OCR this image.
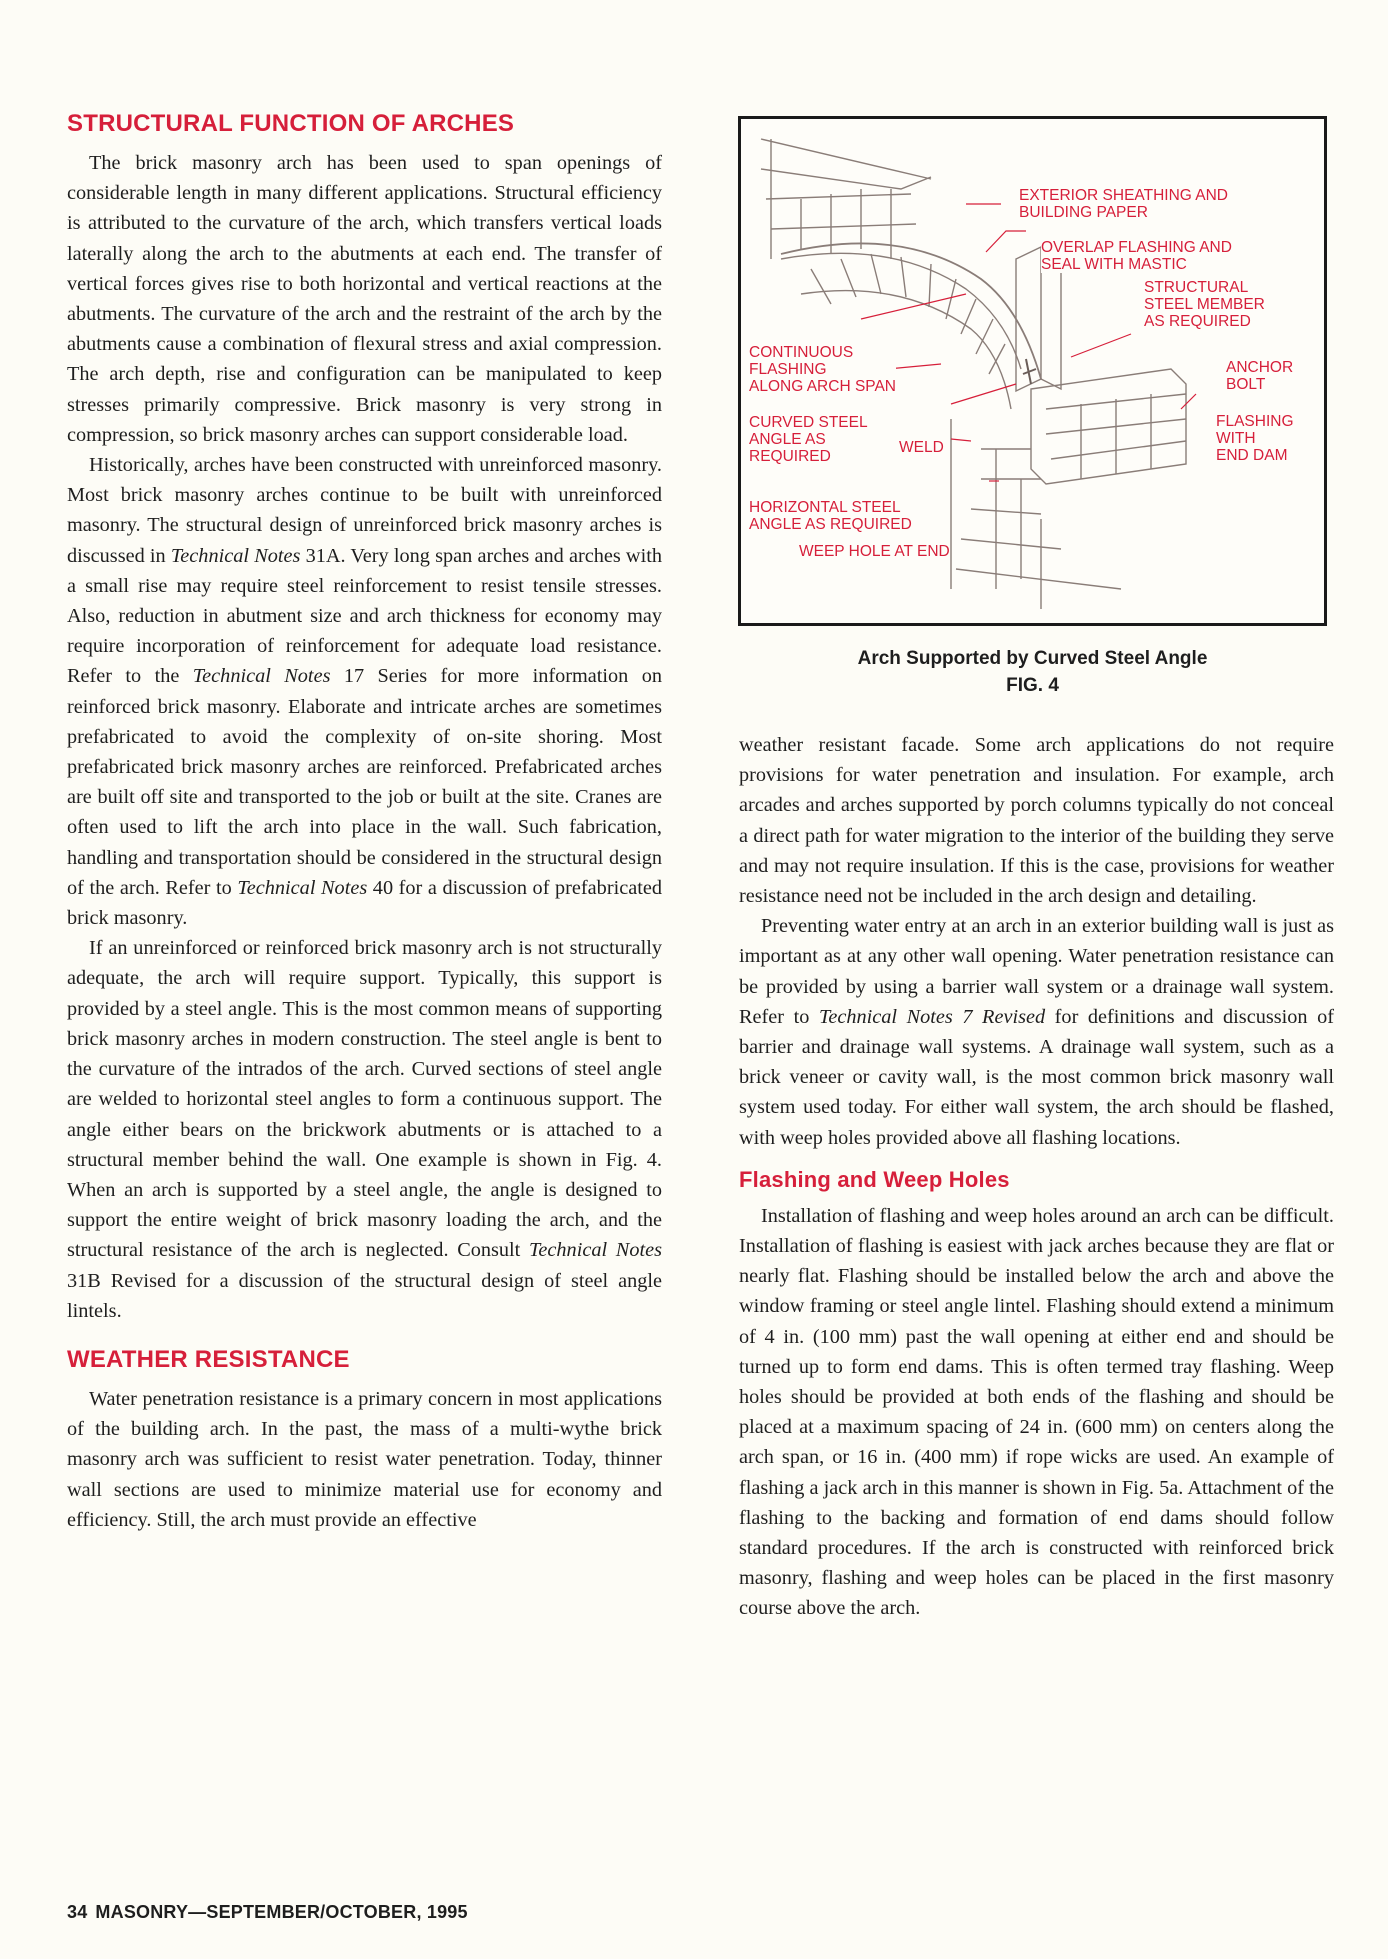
STRUCTURAL FUNCTION OF ARCHES

The brick masonry arch has been used to span openings of considerable length in many different applications. Structural efficiency is attributed to the curvature of the arch, which transfers vertical loads laterally along the arch to the abutments at each end. The transfer of vertical forces gives rise to both horizontal and vertical reactions at the abutments. The curvature of the arch and the restraint of the arch by the abutments cause a combination of flexural stress and axial compression. The arch depth, rise and configuration can be manipulated to keep stresses primarily compressive. Brick masonry is very strong in compression, so brick masonry arches can support considerable load.

Historically, arches have been constructed with unreinforced masonry. Most brick masonry arches continue to be built with unreinforced masonry. The structural design of unreinforced brick masonry arches is discussed in Technical Notes 31A. Very long span arches and arches with a small rise may require steel reinforcement to resist tensile stresses. Also, reduction in abutment size and arch thickness for economy may require incorporation of reinforcement for adequate load resistance. Refer to the Technical Notes 17 Series for more information on reinforced brick masonry. Elaborate and intricate arches are sometimes prefabricated to avoid the complexity of on-site shoring. Most prefabricated brick masonry arches are reinforced. Prefabricated arches are built off site and transported to the job or built at the site. Cranes are often used to lift the arch into place in the wall. Such fabrication, handling and transportation should be considered in the structural design of the arch. Refer to Technical Notes 40 for a discussion of prefabricated brick masonry.

If an unreinforced or reinforced brick masonry arch is not structurally adequate, the arch will require support. Typically, this support is provided by a steel angle. This is the most common means of supporting brick masonry arches in modern construction. The steel angle is bent to the curvature of the intrados of the arch. Curved sections of steel angle are welded to horizontal steel angles to form a continuous support. The angle either bears on the brickwork abutments or is attached to a structural member behind the wall. One example is shown in Fig. 4. When an arch is supported by a steel angle, the angle is designed to support the entire weight of brick masonry loading the arch, and the structural resistance of the arch is neglected. Consult Technical Notes 31B Revised for a discussion of the structural design of steel angle lintels.

WEATHER RESISTANCE

Water penetration resistance is a primary concern in most applications of the building arch. In the past, the mass of a multi-wythe brick masonry arch was sufficient to resist water penetration. Today, thinner wall sections are used to minimize material use for economy and efficiency. Still, the arch must provide an effective

EXTERIOR SHEATHING AND
BUILDING PAPER
OVERLAP FLASHING AND
SEAL WITH MASTIC
STRUCTURAL
STEEL MEMBER
AS REQUIRED
CONTINUOUS
FLASHING
ALONG ARCH SPAN
ANCHOR
BOLT
CURVED STEEL
ANGLE AS
REQUIRED
WELD
FLASHING
WITH
END DAM
HORIZONTAL STEEL
ANGLE AS REQUIRED
WEEP HOLE AT END
Arch Supported by Curved Steel Angle
FIG. 4

weather resistant facade. Some arch applications do not require provisions for water penetration and insulation. For example, arch arcades and arches supported by porch columns typically do not conceal a direct path for water migration to the interior of the building they serve and may not require insulation. If this is the case, provisions for weather resistance need not be included in the arch design and detailing.

Preventing water entry at an arch in an exterior building wall is just as important as at any other wall opening. Water penetration resistance can be provided by using a barrier wall system or a drainage wall system. Refer to Technical Notes 7 Revised for definitions and discussion of barrier and drainage wall systems. A drainage wall system, such as a brick veneer or cavity wall, is the most common brick masonry wall system used today. For either wall system, the arch should be flashed, with weep holes provided above all flashing locations.

Flashing and Weep Holes

Installation of flashing and weep holes around an arch can be difficult. Installation of flashing is easiest with jack arches because they are flat or nearly flat. Flashing should be installed below the arch and above the window framing or steel angle lintel. Flashing should extend a minimum of 4 in. (100 mm) past the wall opening at either end and should be turned up to form end dams. This is often termed tray flashing. Weep holes should be provided at both ends of the flashing and should be placed at a maximum spacing of 24 in. (600 mm) on centers along the arch span, or 16 in. (400 mm) if rope wicks are used. An example of flashing a jack arch in this manner is shown in Fig. 5a. Attachment of the flashing to the backing and formation of end dams should follow standard procedures. If the arch is constructed with reinforced brick masonry, flashing and weep holes can be placed in the first masonry course above the arch.

34 MASONRY—SEPTEMBER/OCTOBER, 1995
